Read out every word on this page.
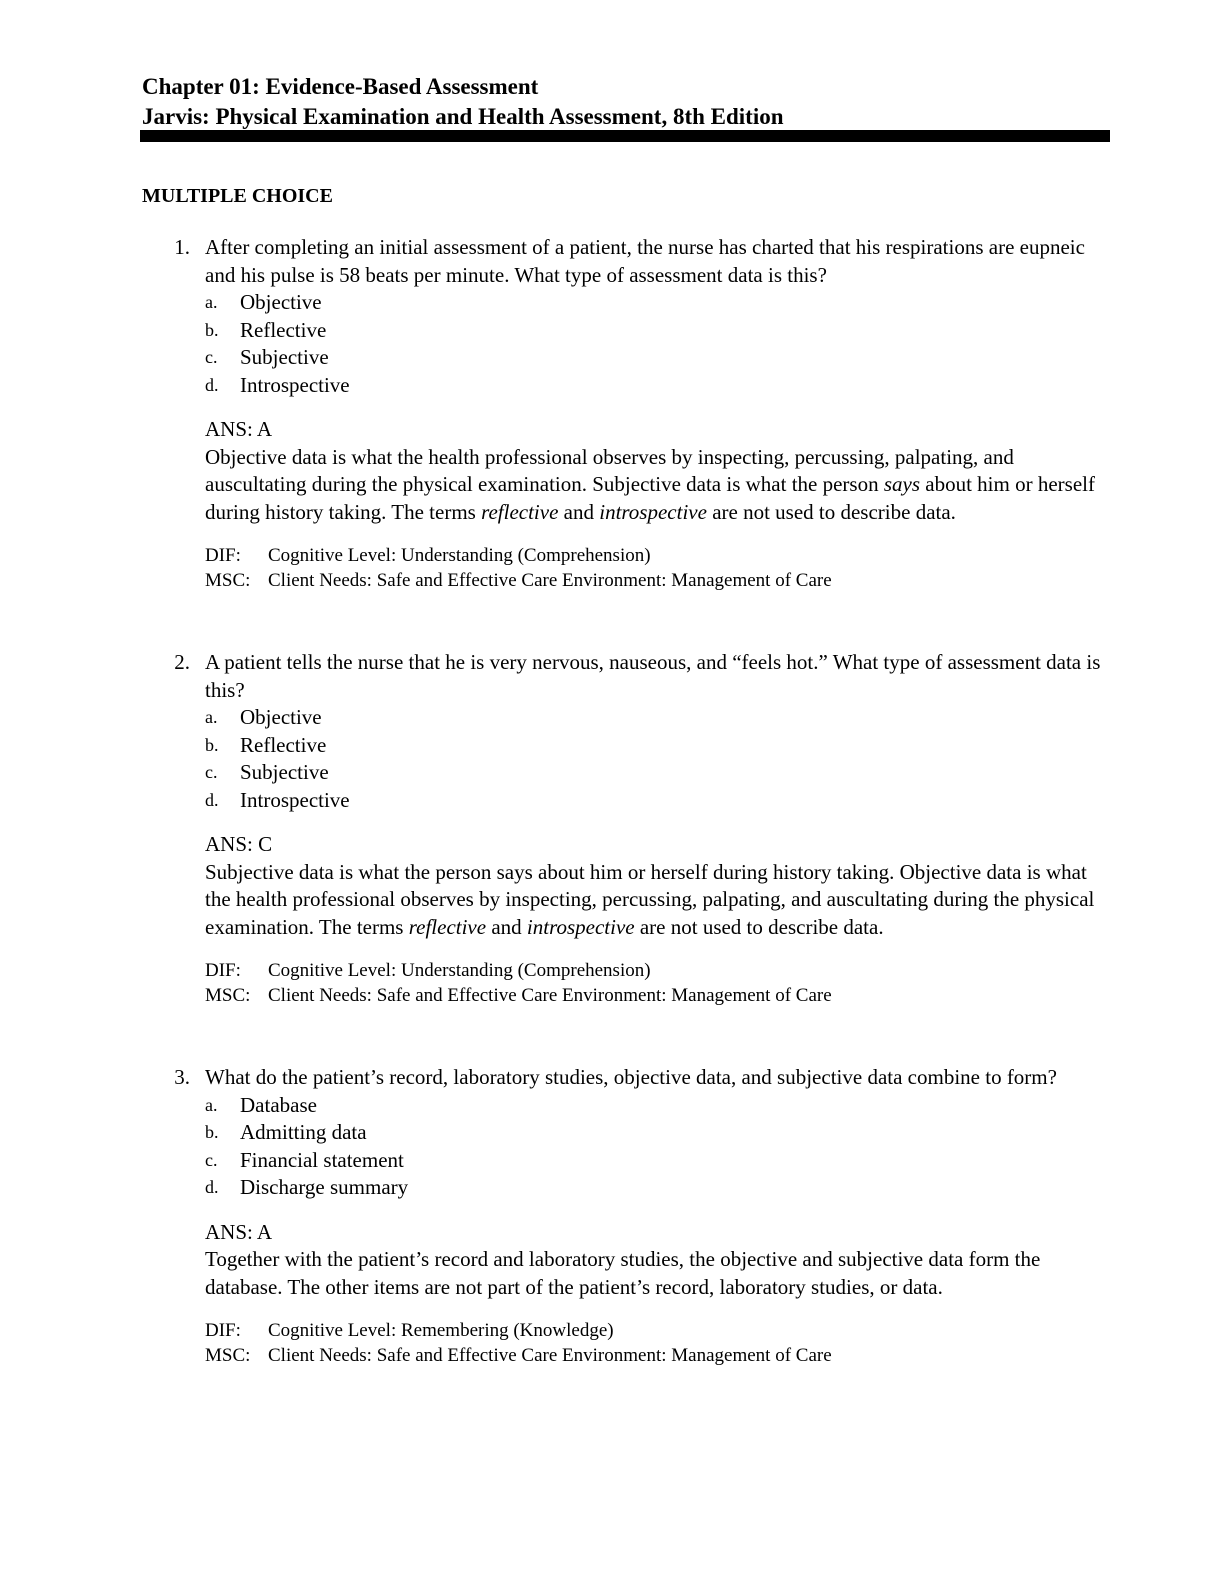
Chapter 01: Evidence-Based Assessment
Jarvis: Physical Examination and Health Assessment, 8th Edition
MULTIPLE CHOICE
1. After completing an initial assessment of a patient, the nurse has charted that his respirations are eupneic and his pulse is 58 beats per minute. What type of assessment data is this?

a. Objective
b. Reflective
c. Subjective
d. Introspective
ANS: A

Objective data is what the health professional observes by inspecting, percussing, palpating, and auscultating during the physical examination. Subjective data is what the person says about him or herself during history taking. The terms reflective and introspective are not used to describe data.

DIF: Cognitive Level: Understanding (Comprehension)
MSC: Client Needs: Safe and Effective Care Environment: Management of Care
2. A patient tells the nurse that he is very nervous, nauseous, and “feels hot.” What type of assessment data is this?

a. Objective
b. Reflective
c. Subjective
d. Introspective
ANS: C

Subjective data is what the person says about him or herself during history taking. Objective data is what the health professional observes by inspecting, percussing, palpating, and auscultating during the physical examination. The terms reflective and introspective are not used to describe data.

DIF: Cognitive Level: Understanding (Comprehension)
MSC: Client Needs: Safe and Effective Care Environment: Management of Care
3. What do the patient’s record, laboratory studies, objective data, and subjective data combine to form?

a. Database
b. Admitting data
c. Financial statement
d. Discharge summary
ANS: A

Together with the patient’s record and laboratory studies, the objective and subjective data form the database. The other items are not part of the patient’s record, laboratory studies, or data.

DIF: Cognitive Level: Remembering (Knowledge)
MSC: Client Needs: Safe and Effective Care Environment: Management of Care
